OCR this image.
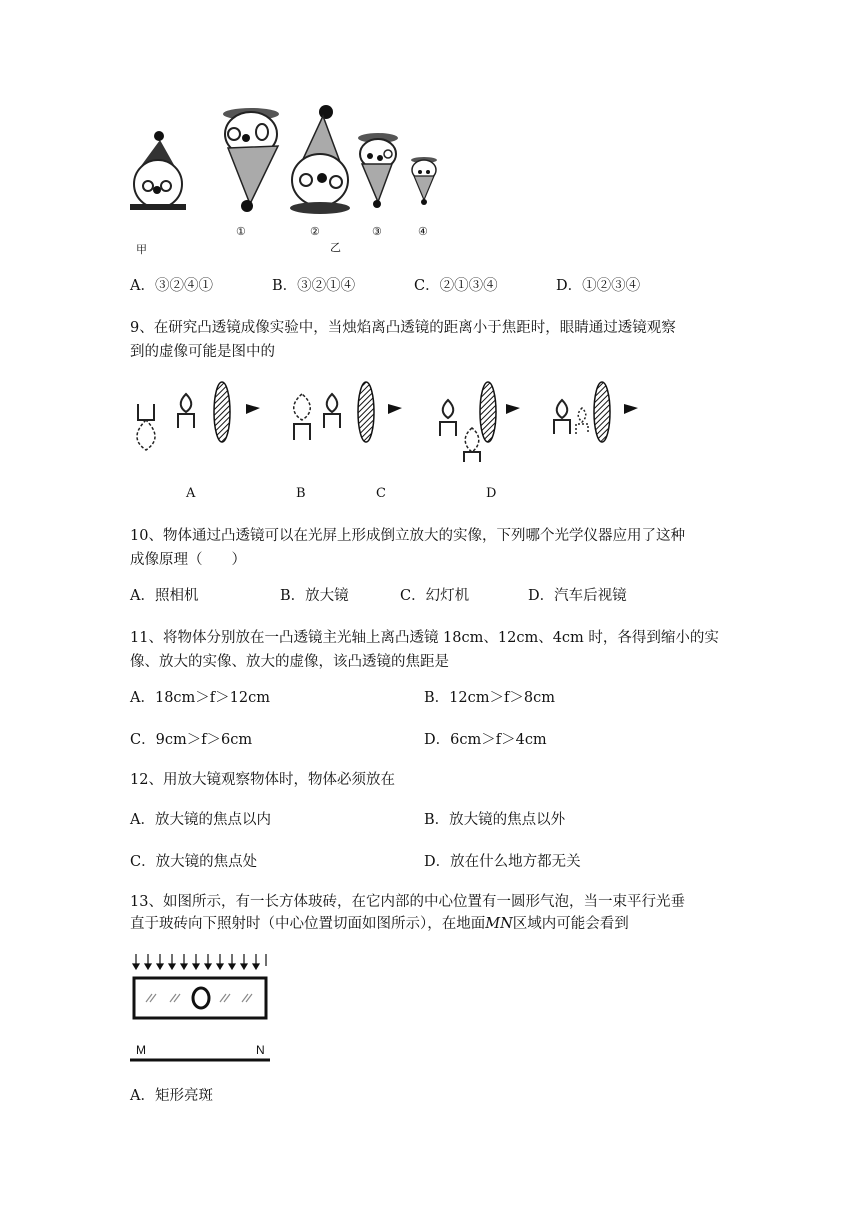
甲
①	②
乙
③	④
A．③②④①	B．③②①④	C．②①③④	D．①②③④
9、在研究凸透镜成像实验中，当烛焰离凸透镜的距离小于焦距时，眼睛通过透镜观察
到的虚像可能是图中的
A	B	C	D
10、物体通过凸透镜可以在光屏上形成倒立放大的实像，下列哪个光学仪器应用了这种
成像原理（　　）
A．照相机	B．放大镜	C．幻灯机	D．汽车后视镜
11、将物体分别放在一凸透镜主光轴上离凸透镜 18cm、12cm、4cm 时，各得到缩小的实
像、放大的实像、放大的虚像，该凸透镜的焦距是
A．18cm＞f＞12cm	B．12cm＞f＞8cm
C．9cm＞f＞6cm	D．6cm＞f＞4cm
12、用放大镜观察物体时，物体必须放在
A．放大镜的焦点以内	B．放大镜的焦点以外
C．放大镜的焦点处	D．放在什么地方都无关
13、如图所示，有一长方体玻砖，在它内部的中心位置有一圆形气泡，当一束平行光垂
直于玻砖向下照射时（中心位置切面如图所示），在地面MN区域内可能会看到
M	N
A．矩形亮斑
